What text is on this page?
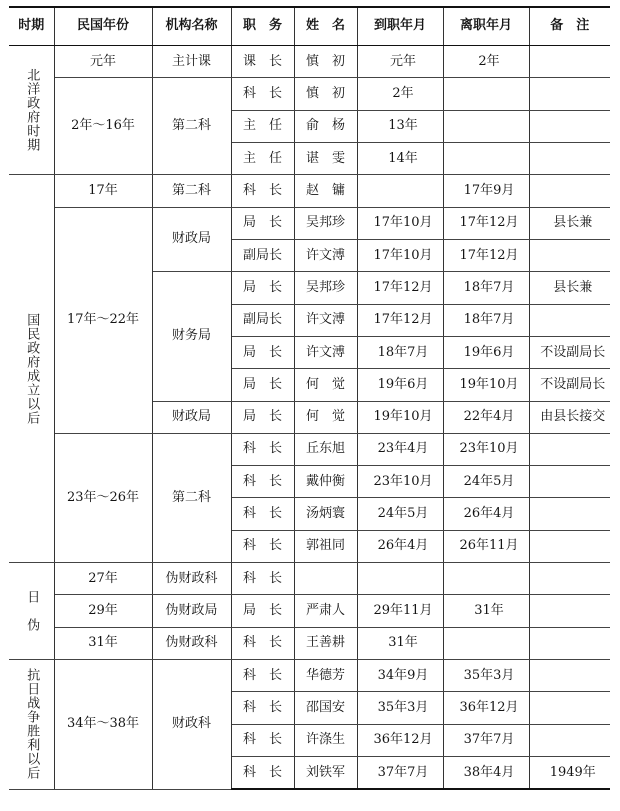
时期	民国年份	机构名称	职　务	姓　名	到职年月	离职年月	备　注
北洋政府时期	元年	主计课	课　长	慎　初	元年	2年	
	2年～16年	第二科	科　长	慎　初	2年		
			主　任	俞　杨	13年		
			主　任	谌　雯	14年		
国民政府成立以后	17年	第二科	科　长	赵　镛		17年9月	
	17年～22年	财政局	局　长	吴邦珍	17年10月	17年12月	县长兼
			副局长	许文溥	17年10月	17年12月	
		财务局	局　长	吴邦珍	17年12月	18年7月	县长兼
			副局长	许文溥	17年12月	18年7月	
			局　长	许文溥	18年7月	19年6月	不设副局长
			局　长	何　觉	19年6月	19年10月	不设副局长
		财政局	局　长	何　觉	19年10月	22年4月	由县长接交
	23年～26年	第二科	科　长	丘东旭	23年4月	23年10月	
			科　长	戴仲衡	23年10月	24年5月	
			科　长	汤炳寰	24年5月	26年4月	
			科　长	郭祖同	26年4月	26年11月	
日　伪	27年	伪财政科	科　长				
	29年	伪财政局	局　长	严肃人	29年11月	31年	
	31年	伪财政科	科　长	王善耕	31年		
抗日战争胜利以后	34年～38年	财政科	科　长	华德芳	34年9月	35年3月	
			科　长	邵国安	35年3月	36年12月	
			科　长	许涤生	36年12月	37年7月	
			科　长	刘铁军	37年7月	38年4月	1949年
